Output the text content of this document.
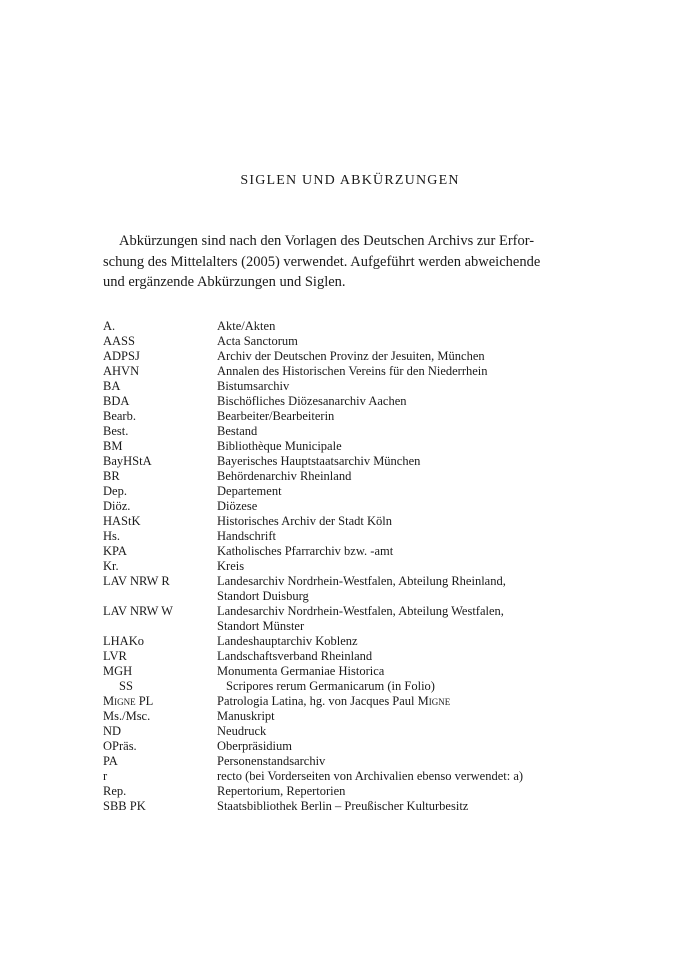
SIGLEN UND ABKÜRZUNGEN

Abkürzungen sind nach den Vorlagen des Deutschen Archivs zur Erfor-
schung des Mittelalters (2005) verwendet. Aufgeführt werden abweichende
und ergänzende Abkürzungen und Siglen.

A.	Akte/Akten
AASS	Acta Sanctorum
ADPSJ	Archiv der Deutschen Provinz der Jesuiten, München
AHVN	Annalen des Historischen Vereins für den Niederrhein
BA	Bistumsarchiv
BDA	Bischöfliches Diözesanarchiv Aachen
Bearb.	Bearbeiter/Bearbeiterin
Best.	Bestand
BM	Bibliothèque Municipale
BayHStA	Bayerisches Hauptstaatsarchiv München
BR	Behördenarchiv Rheinland
Dep.	Departement
Diöz.	Diözese
HAStK	Historisches Archiv der Stadt Köln
Hs.	Handschrift
KPA	Katholisches Pfarrarchiv bzw. -amt
Kr.	Kreis
LAV NRW R	Landesarchiv Nordrhein-Westfalen, Abteilung Rheinland,
Standort Duisburg
LAV NRW W	Landesarchiv Nordrhein-Westfalen, Abteilung Westfalen,
Standort Münster
LHAKo	Landeshauptarchiv Koblenz
LVR	Landschaftsverband Rheinland
MGH	Monumenta Germaniae Historica
SS	Scripores rerum Germanicarum (in Folio)
Migne PL	Patrologia Latina, hg. von Jacques Paul Migne
Ms./Msc.	Manuskript
ND	Neudruck
OPräs.	Oberpräsidium
PA	Personenstandsarchiv
r	recto (bei Vorderseiten von Archivalien ebenso verwendet: a)
Rep.	Repertorium, Repertorien
SBB PK	Staatsbibliothek Berlin – Preußischer Kulturbesitz
